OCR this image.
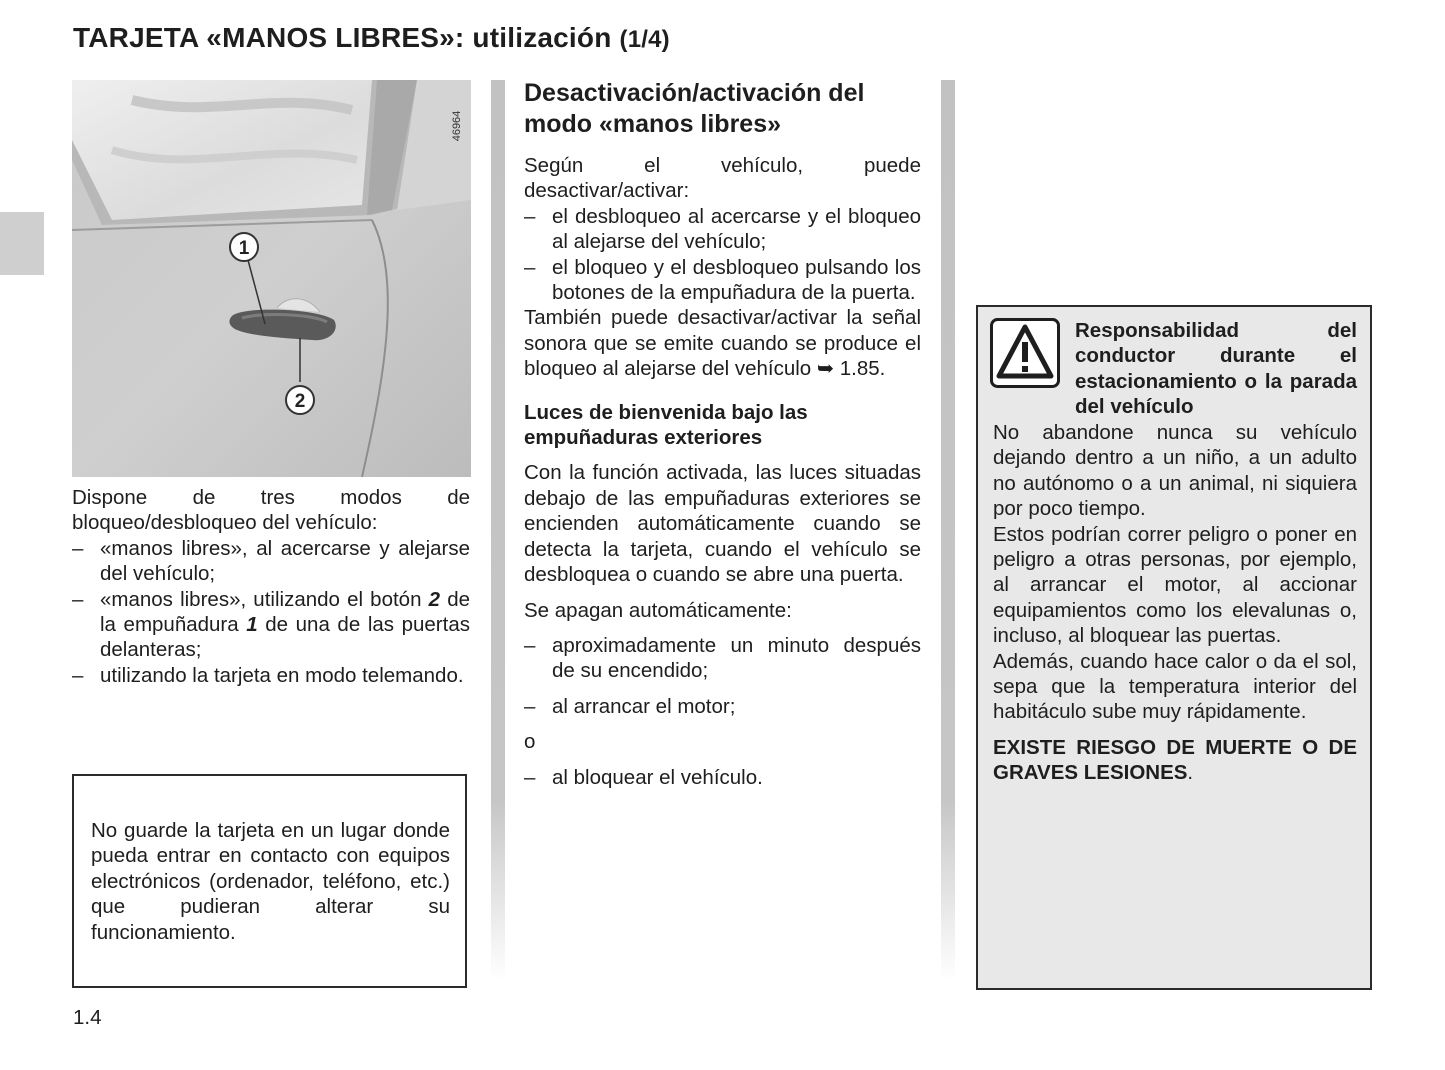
TARJETA «MANOS LIBRES»: utilización (1/4)
1
2
46964

Dispone de tres modos de bloqueo/desbloqueo del vehículo:

– «manos libres», al acercarse y alejarse del vehículo;

– «manos libres», utilizando el botón 2 de la empuñadura 1 de una de las puertas delanteras;

– utilizando la tarjeta en modo telemando.

No guarde la tarjeta en un lugar donde pueda entrar en contacto con equipos electrónicos (ordenador, teléfono, etc.) que pudieran alterar su funcionamiento.

Desactivación/activación del modo «manos libres»

Según el vehículo, puede desactivar/activar:

– el desbloqueo al acercarse y el bloqueo al alejarse del vehículo;

– el bloqueo y el desbloqueo pulsando los botones de la empuñadura de la puerta.

También puede desactivar/activar la señal sonora que se emite cuando se produce el bloqueo al alejarse del vehículo ➥ 1.85.

Luces de bienvenida bajo las empuñaduras exteriores

Con la función activada, las luces situadas debajo de las empuñaduras exteriores se encienden automáticamente cuando se detecta la tarjeta, cuando el vehículo se desbloquea o cuando se abre una puerta.

Se apagan automáticamente:

– aproximadamente un minuto después de su encendido;

– al arrancar el motor;

o

– al bloquear el vehículo.

Responsabilidad del conductor durante el estacionamiento o la parada del vehículo

No abandone nunca su vehículo dejando dentro a un niño, a un adulto no autónomo o a un animal, ni siquiera por poco tiempo.

Estos podrían correr peligro o poner en peligro a otras personas, por ejemplo, al arrancar el motor, al accionar equipamientos como los elevalunas o, incluso, al bloquear las puertas.

Además, cuando hace calor o da el sol, sepa que la temperatura interior del habitáculo sube muy rápidamente.

EXISTE RIESGO DE MUERTE O DE GRAVES LESIONES.

1.4
